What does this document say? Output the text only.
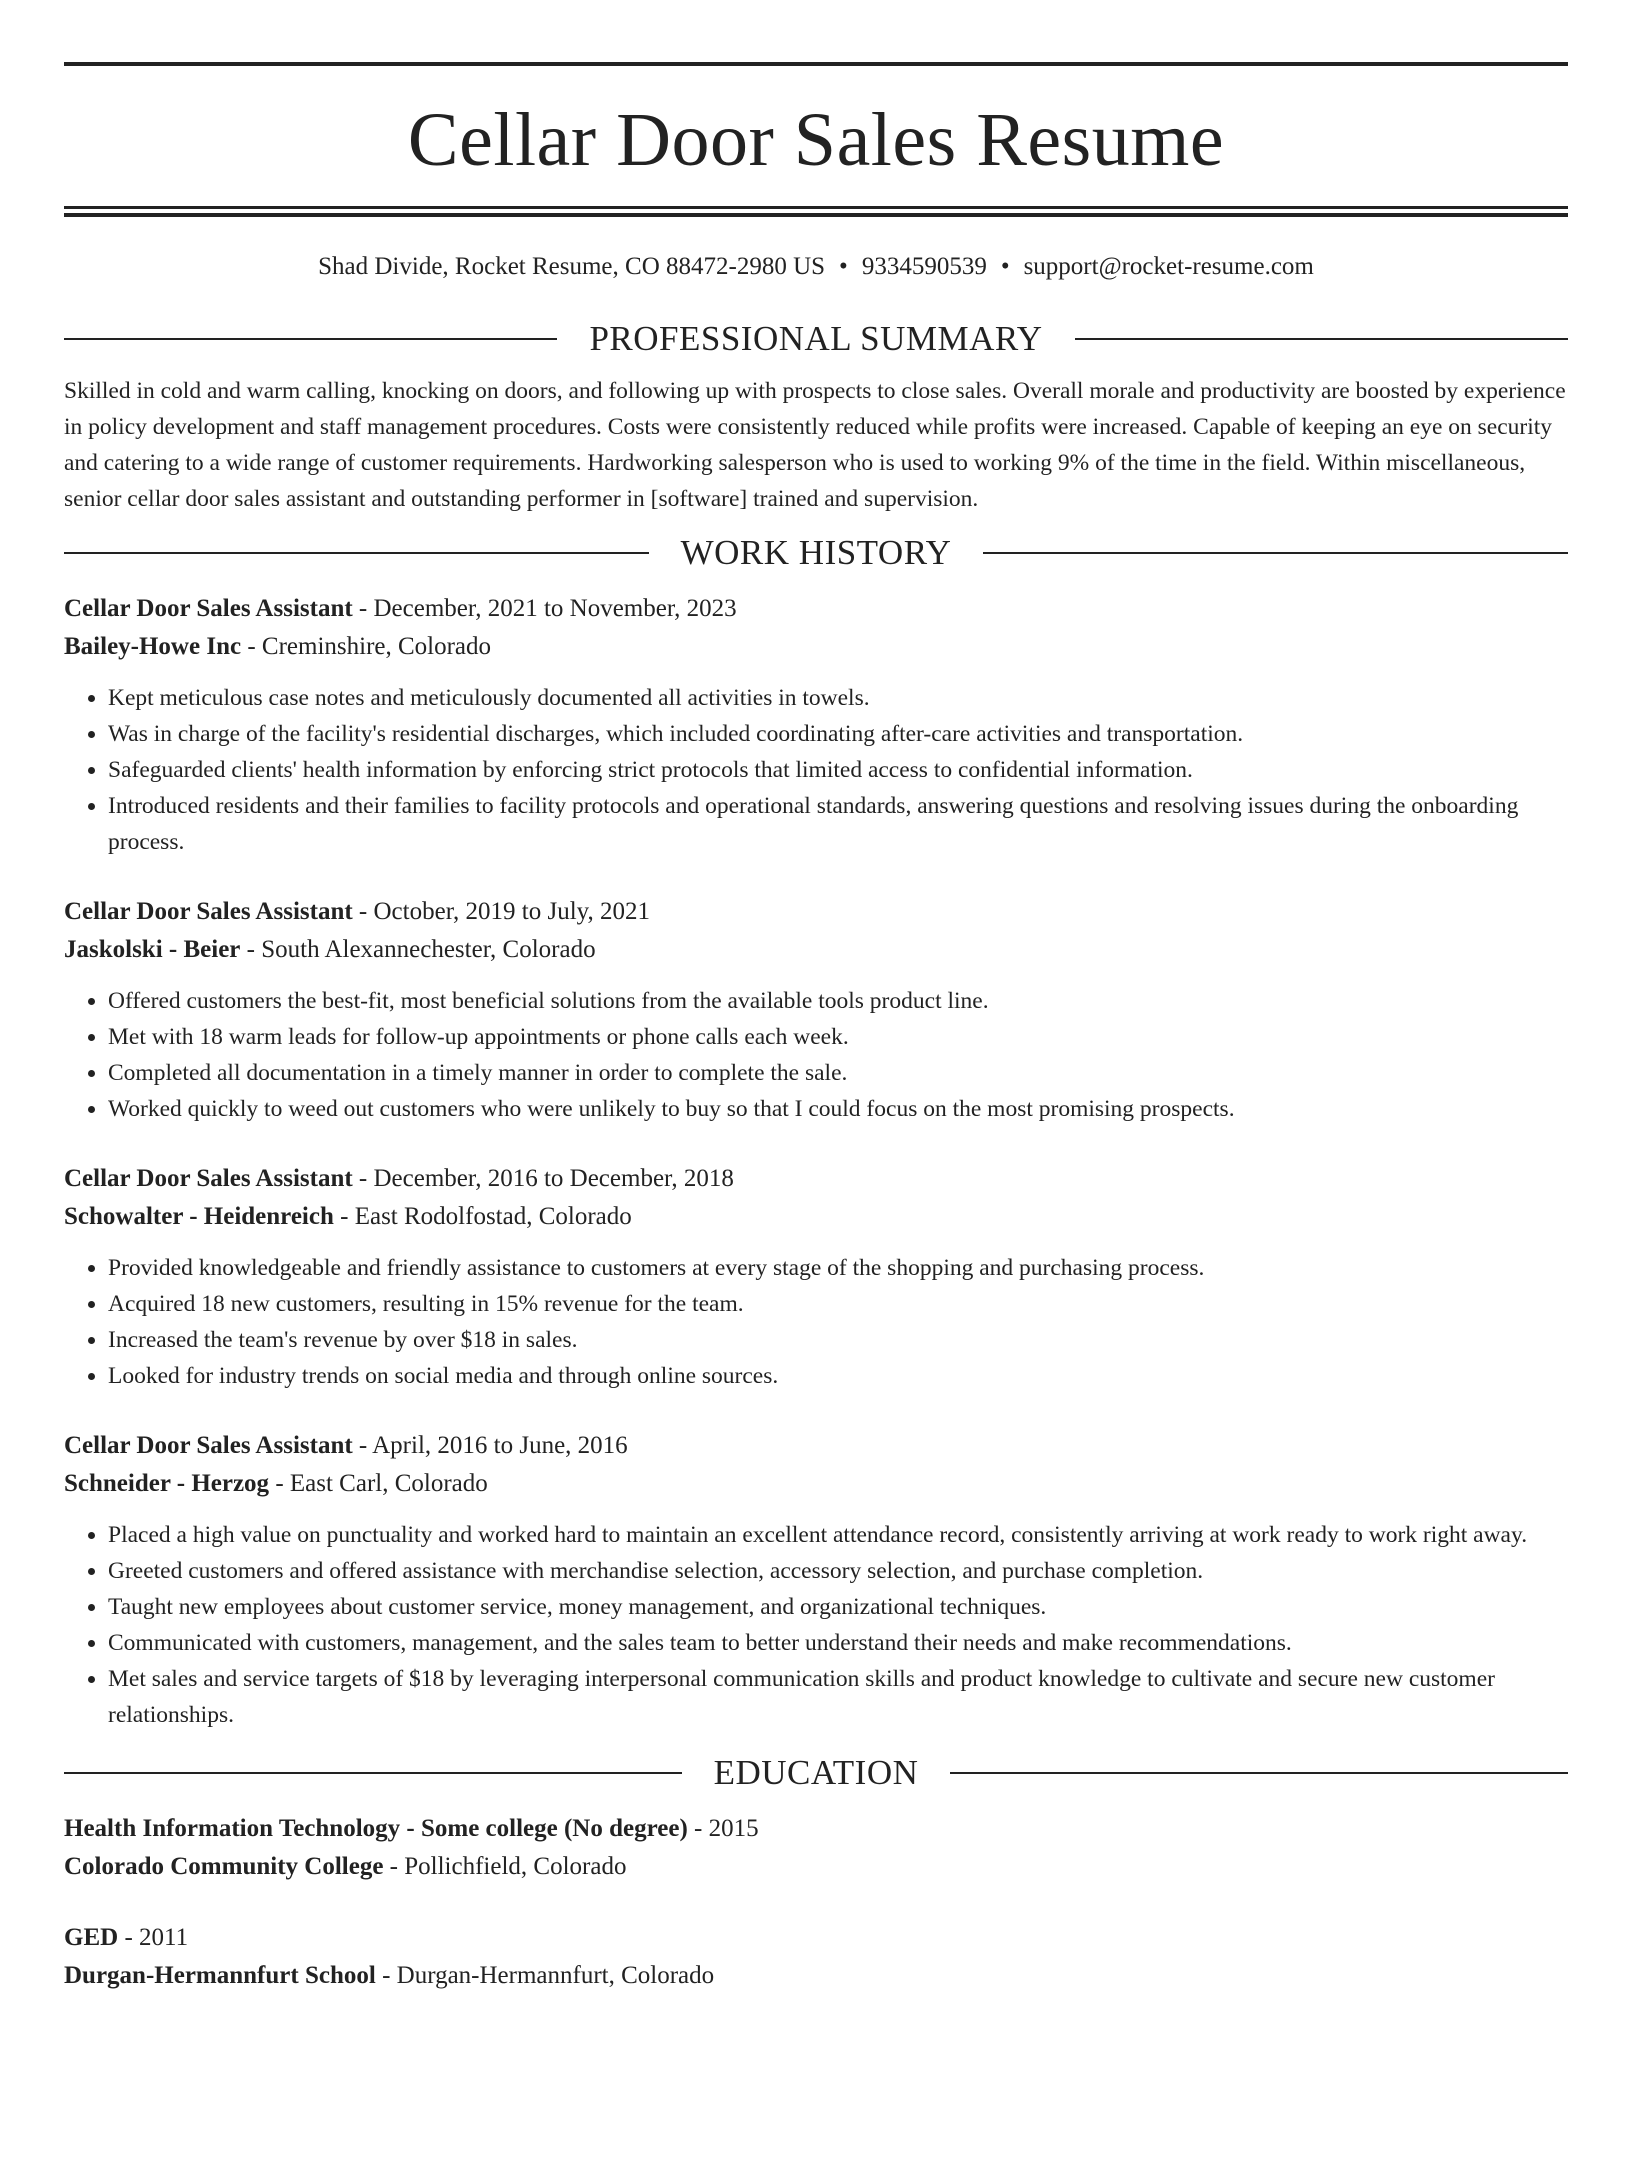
Cellar Door Sales Resume
Shad Divide, Rocket Resume, CO 88472-2980 US • 9334590539 • support@rocket-resume.com
PROFESSIONAL SUMMARY

Skilled in cold and warm calling, knocking on doors, and following up with prospects to close sales. Overall morale and productivity are boosted by experience in policy development and staff management procedures. Costs were consistently reduced while profits were increased. Capable of keeping an eye on security and catering to a wide range of customer requirements. Hardworking salesperson who is used to working 9% of the time in the field. Within miscellaneous, senior cellar door sales assistant and outstanding performer in [software] trained and supervision.

WORK HISTORY

Cellar Door Sales Assistant - December, 2021 to November, 2023

Bailey-Howe Inc - Creminshire, Colorado

• Kept meticulous case notes and meticulously documented all activities in towels.
• Was in charge of the facility's residential discharges, which included coordinating after-care activities and transportation.
• Safeguarded clients' health information by enforcing strict protocols that limited access to confidential information.
• Introduced residents and their families to facility protocols and operational standards, answering questions and resolving issues during the onboarding process.

Cellar Door Sales Assistant - October, 2019 to July, 2021

Jaskolski - Beier - South Alexannechester, Colorado

• Offered customers the best-fit, most beneficial solutions from the available tools product line.
• Met with 18 warm leads for follow-up appointments or phone calls each week.
• Completed all documentation in a timely manner in order to complete the sale.
• Worked quickly to weed out customers who were unlikely to buy so that I could focus on the most promising prospects.

Cellar Door Sales Assistant - December, 2016 to December, 2018

Schowalter - Heidenreich - East Rodolfostad, Colorado

• Provided knowledgeable and friendly assistance to customers at every stage of the shopping and purchasing process.
• Acquired 18 new customers, resulting in 15% revenue for the team.
• Increased the team's revenue by over $18 in sales.
• Looked for industry trends on social media and through online sources.

Cellar Door Sales Assistant - April, 2016 to June, 2016

Schneider - Herzog - East Carl, Colorado

• Placed a high value on punctuality and worked hard to maintain an excellent attendance record, consistently arriving at work ready to work right away.
• Greeted customers and offered assistance with merchandise selection, accessory selection, and purchase completion.
• Taught new employees about customer service, money management, and organizational techniques.
• Communicated with customers, management, and the sales team to better understand their needs and make recommendations.
• Met sales and service targets of $18 by leveraging interpersonal communication skills and product knowledge to cultivate and secure new customer relationships.
EDUCATION

Health Information Technology - Some college (No degree) - 2015

Colorado Community College - Pollichfield, Colorado

GED - 2011

Durgan-Hermannfurt School - Durgan-Hermannfurt, Colorado
